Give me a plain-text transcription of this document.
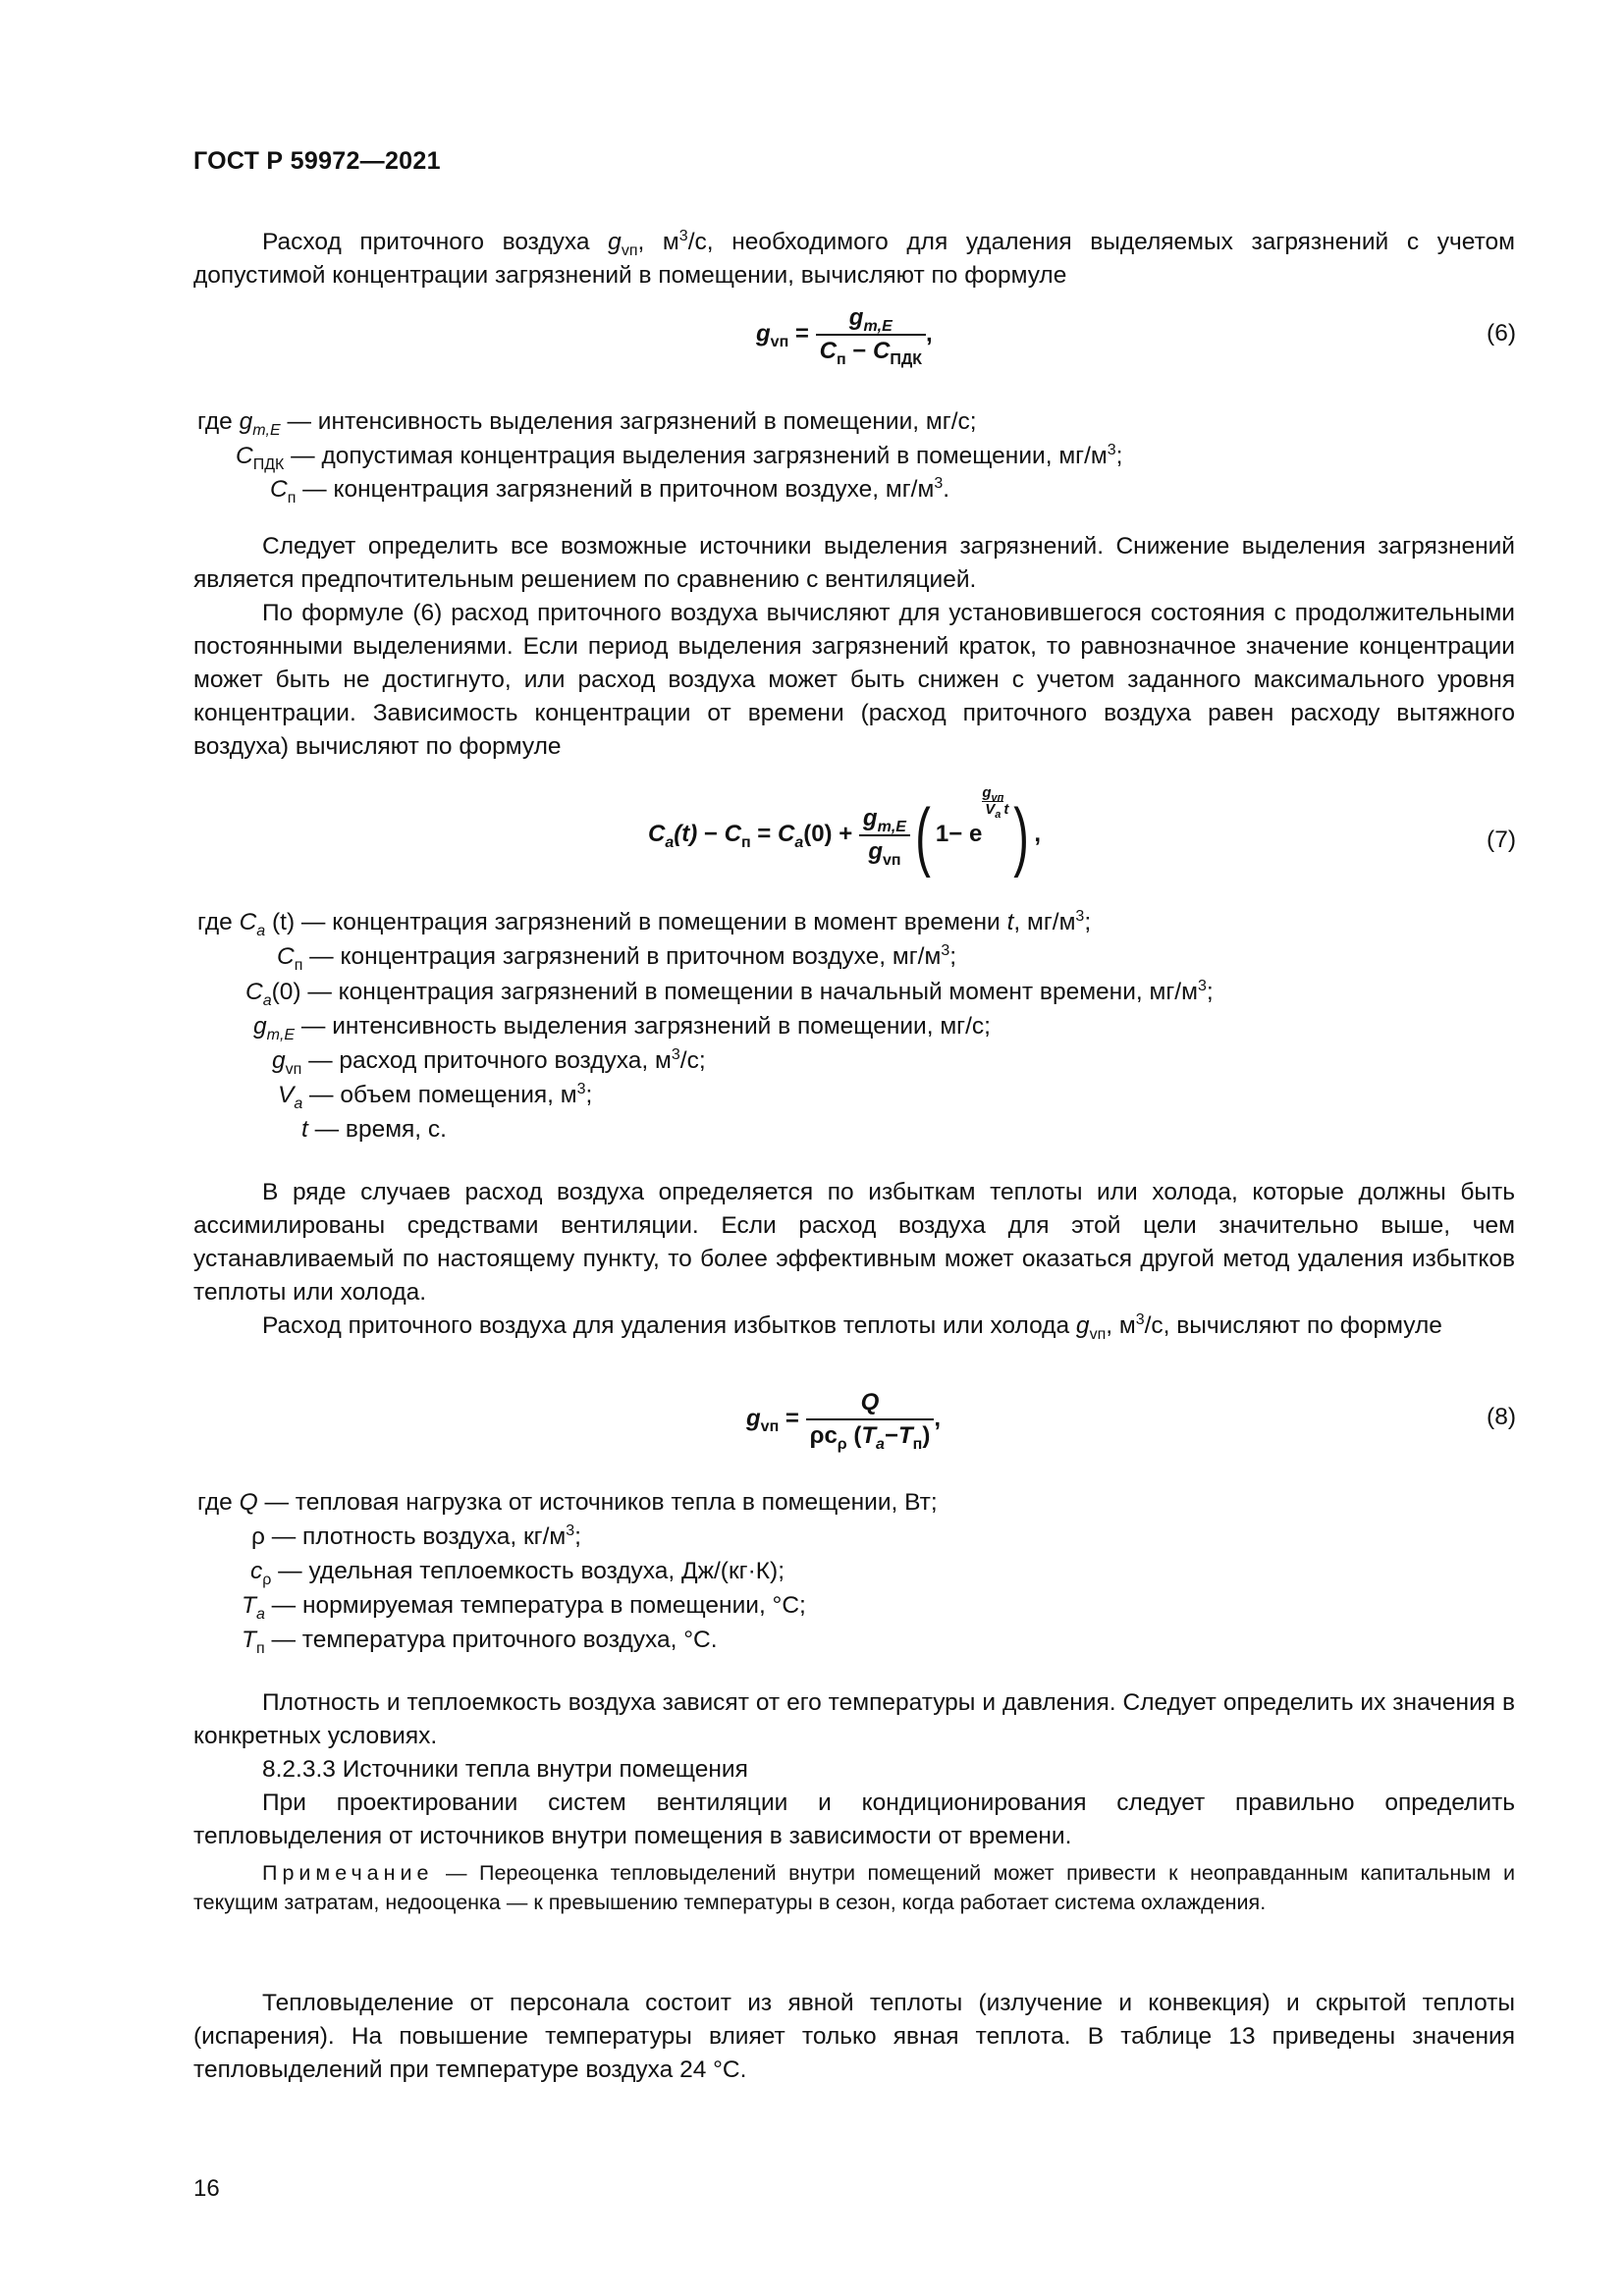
ГОСТ Р 59972—2021

Расход приточного воздуха $g_{vп}$, $м^3/с$, необходимого для удаления выделяемых загрязнений с учетом допустимой концентрации загрязнений в помещении, вычисляют по формуле

$g_{vп} = \frac{g_{m,E}}{C_п - C_{ПДК}}$ ,	(6)
где $g_{m,E}$ — интенсивность выделения загрязнений в помещении, мг/с;
$C_{ПДК}$ — допустимая концентрация выделения загрязнений в помещении, $мг/м^3$;
$C_п$ — концентрация загрязнений в приточном воздухе, $мг/м^3$.

Следует определить все возможные источники выделения загрязнений. Снижение выделения загрязнений является предпочтительным решением по сравнению с вентиляцией.

По формуле (6) расход приточного воздуха вычисляют для установившегося состояния с продолжительными постоянными выделениями. Если период выделения загрязнений краток, то равнозначное значение концентрации может быть не достигнуто, или расход воздуха может быть снижен с учетом заданного максимального уровня концентрации. Зависимость концентрации от времени (расход приточного воздуха равен расходу вытяжного воздуха) вычисляют по формуле

$C_a(t) - C_п = C_a(0) + \frac{g_{m,E}}{g_{vп}}$ ( 1− e
$^{g_{vп} V_a t}$) ,	(7)
где $C_a$ (t) — концентрация загрязнений в помещении в момент времени t, $мг/м^3$;
$C_п$ — концентрация загрязнений в приточном воздухе, $мг/м^3$;
$C_a(0)$ — концентрация загрязнений в помещении в начальный момент времени, $мг/м^3$;
$g_{m,E}$ — интенсивность выделения загрязнений в помещении, мг/с;
$g_{vп}$ — расход приточного воздуха, $м^3/с$;
$V_a$ — объем помещения, $м^3$;
t — время, с.

В ряде случаев расход воздуха определяется по избыткам теплоты или холода, которые должны быть ассимилированы средствами вентиляции. Если расход воздуха для этой цели значительно выше, чем устанавливаемый по настоящему пункту, то более эффективным может оказаться другой метод удаления избытков теплоты или холода.

Расход приточного воздуха для удаления избытков теплоты или холода $g_{vп}$, $м^3/с$, вычисляют по формуле

$g_{vп} = \frac{Q}{\rho c_\rho (T_a-T_п)}$ ,	(8)
где Q — тепловая нагрузка от источников тепла в помещении, Вт;
ρ — плотность воздуха, $кг/м^3$;
$c_\rho$ — удельная теплоемкость воздуха, Дж/(кг·К);
$T_a$ — нормируемая температура в помещении, °С;
$T_п$ — температура приточного воздуха, °С.

Плотность и теплоемкость воздуха зависят от его температуры и давления. Следует определить их значения в конкретных условиях.

8.2.3.3 Источники тепла внутри помещения

При проектировании систем вентиляции и кондиционирования следует правильно определить тепловыделения от источников внутри помещения в зависимости от времени.

Примечание — Переоценка тепловыделений внутри помещений может привести к неоправданным капитальным и текущим затратам, недооценка — к превышению температуры в сезон, когда работает система охлаждения.

Тепловыделение от персонала состоит из явной теплоты (излучение и конвекция) и скрытой теплоты (испарения). На повышение температуры влияет только явная теплота. В таблице 13 приведены значения тепловыделений при температуре воздуха 24 °С.

16
